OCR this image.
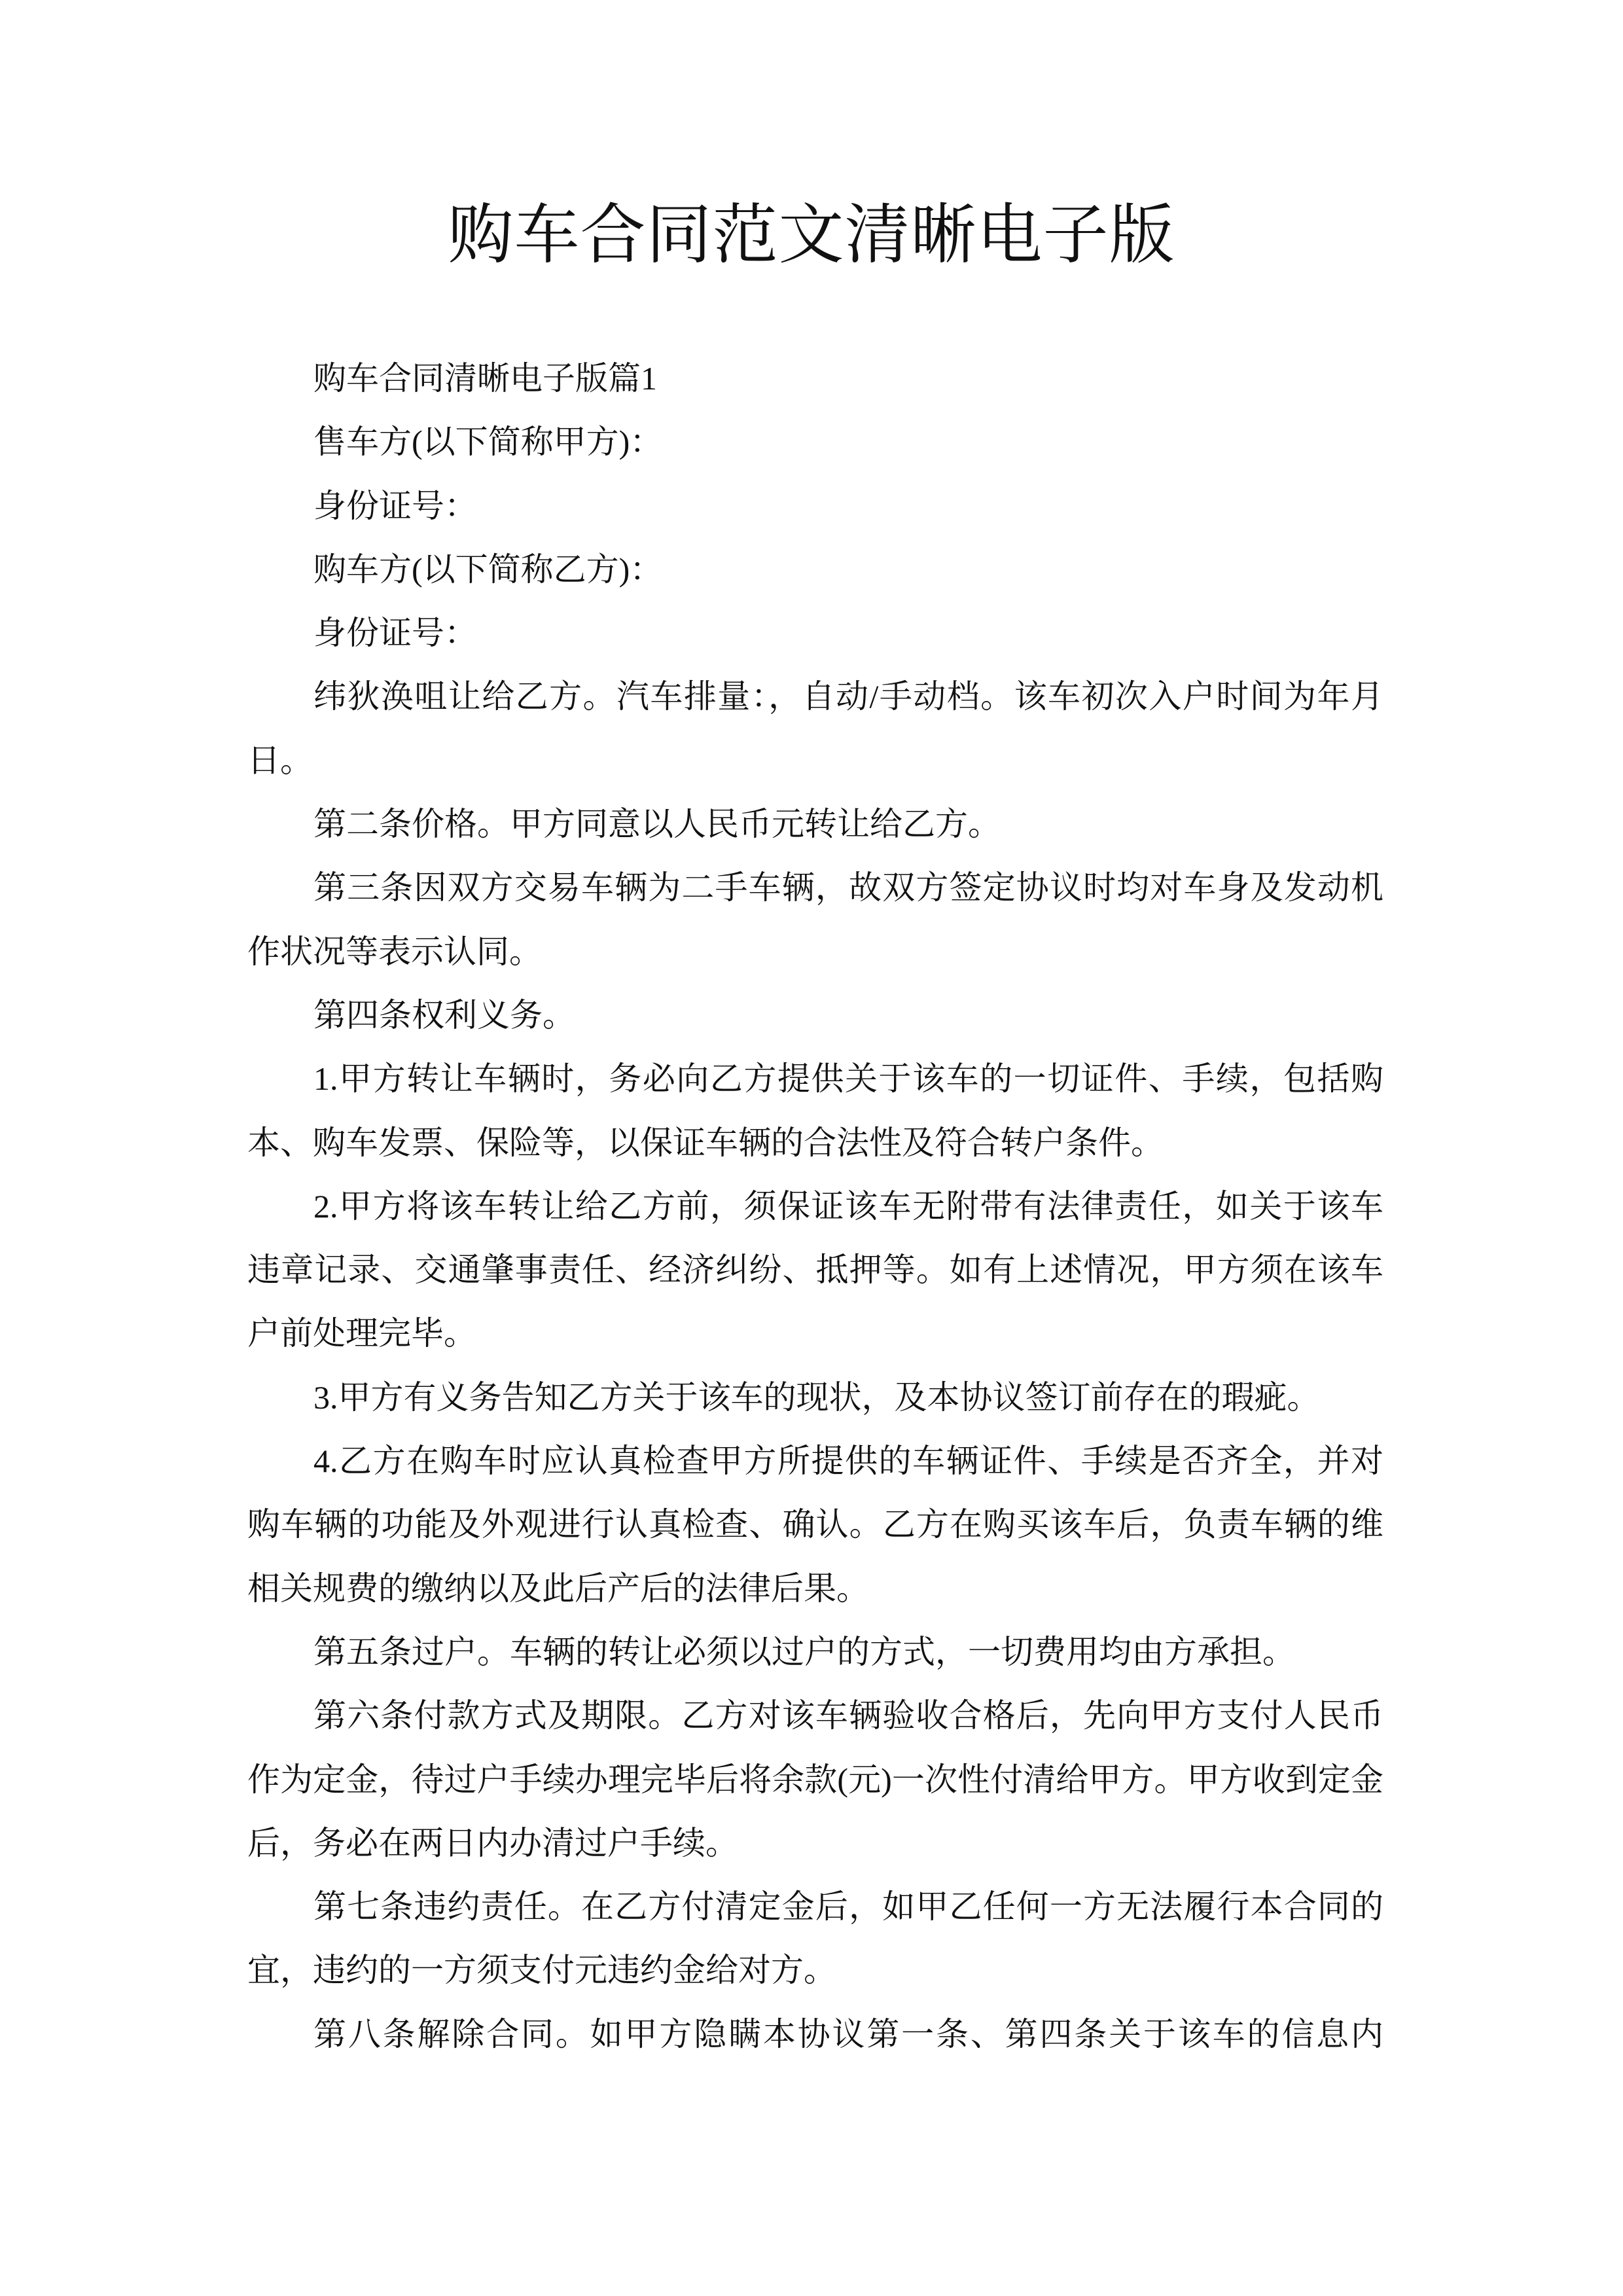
购车合同范文清晰电子版
购车合同清晰电子版篇1
售车方(以下简称甲方)：
身份证号：
购车方(以下简称乙方)：
身份证号：
纬狄涣咀让给乙方。汽车排量：，自动/手动档。该车初次入户时间为年月
日。
第二条价格。甲方同意以人民币元转让给乙方。
第三条因双方交易车辆为二手车辆，故双方签定协议时均对车身及发动机
作状况等表示认同。
第四条权利义务。
1.甲方转让车辆时，务必向乙方提供关于该车的一切证件、手续，包括购
本、购车发票、保险等，以保证车辆的合法性及符合转户条件。
2.甲方将该车转让给乙方前，须保证该车无附带有法律责任，如关于该车
违章记录、交通肇事责任、经济纠纷、抵押等。如有上述情况，甲方须在该车
户前处理完毕。
3.甲方有义务告知乙方关于该车的现状，及本协议签订前存在的瑕疵。
4.乙方在购车时应认真检查甲方所提供的车辆证件、手续是否齐全，并对
购车辆的功能及外观进行认真检查、确认。乙方在购买该车后，负责车辆的维
相关规费的缴纳以及此后产后的法律后果。
第五条过户。车辆的转让必须以过户的方式，一切费用均由方承担。
第六条付款方式及期限。乙方对该车辆验收合格后，先向甲方支付人民币
作为定金，待过户手续办理完毕后将余款(元)一次性付清给甲方。甲方收到定金
后，务必在两日内办清过户手续。
第七条违约责任。在乙方付清定金后，如甲乙任何一方无法履行本合同的
宜，违约的一方须支付元违约金给对方。
第八条解除合同。如甲方隐瞒本协议第一条、第四条关于该车的信息内
